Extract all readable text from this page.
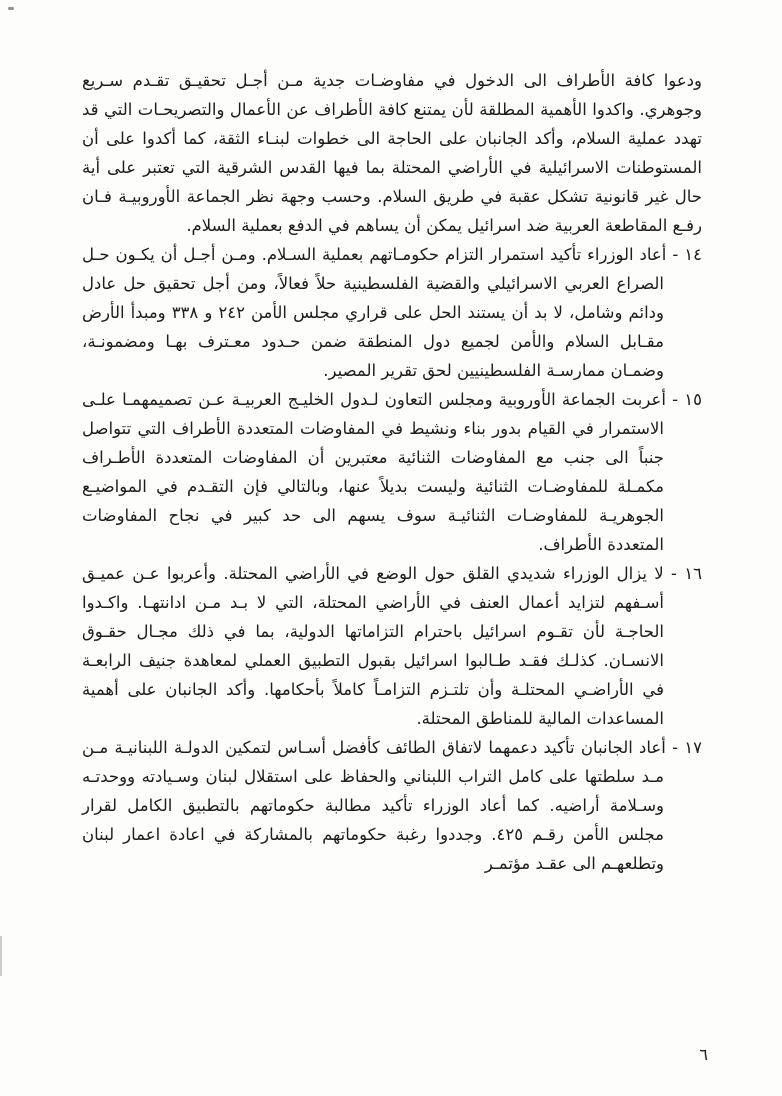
ودعوا كافة الأطراف الى الدخول في مفاوضـات جدية مـن أجـل تحقيـق تقـدم سـريع وجوهري. واكدوا الأهمية المطلقة لأن يمتنع كافة الأطراف عن الأعمال والتصريحـات التي قد تهدد عملية السلام، وأكد الجانبان على الحاجة الى خطوات لبنـاء الثقة، كما أكدوا على أن المستوطنات الاسرائيلية في الأراضي المحتلة بما فيها القدس الشرقية التي تعتبر على أية حال غير قانونية تشكل عقبة في طريق السلام. وحسب وجهة نظر الجماعة الأوروبيـة فـان رفـع المقاطعة العربية ضد اسرائيل يمكن أن يساهم في الدفع بعملية السلام.

١٤ -أعاد الوزراء تأكيد استمرار التزام حكومـاتهم بعملية السـلام. ومـن أجـل أن يكـون حـل الصراع العربي الاسرائيلي والقضية الفلسطينية حلاً فعالاً، ومن أجل تحقيق حل عادل ودائم وشامل، لا بد أن يستند الحل على قراري مجلس الأمن ٢٤٢ و ٣٣٨ ومبدأ الأرض مقـابل السلام والأمن لجميع دول المنطقة ضمن حـدود معـترف بهـا ومضمونـة، وضمـان ممارسـة الفلسطينيين لحق تقرير المصير.

١٥ -أعربت الجماعة الأوروبية ومجلس التعاون لـدول الخليـج العربيـة عـن تصميمهمـا علـى الاستمرار في القيام بدور بناء ونشيط في المفاوضات المتعددة الأطراف التي تتواصل جنباً الى جنب مع المفاوضات الثنائية معتبرين أن المفاوضات المتعددة الأطـراف مكمـلة للمفاوضـات الثنائية وليست بديلاً عنها، وبالتالي فإن التقـدم في المواضيـع الجوهريـة للمفاوضـات الثنائيـة سوف يسهم الى حد كبير في نجاح المفاوضات المتعددة الأطراف.

١٦ -لا يزال الوزراء شديدي القلق حول الوضع في الأراضي المحتلة. وأعربوا عـن عميـق أسـفهم لتزايد أعمال العنف في الأراضي المحتلة، التي لا بـد مـن ادانتهـا. واكـدوا الحاجـة لأن تقـوم اسرائيل باحترام التزاماتها الدولية، بما في ذلك مجـال حقـوق الانسـان. كذلـك فقـد طـالبوا اسرائيل بقبول التطبيق العملي لمعاهدة جنيف الرابعـة في الأراضـي المحتلـة وأن تلتـزم التزامـاً كاملاً بأحكامها. وأكد الجانبان على أهمية المساعدات المالية للمناطق المحتلة.

١٧ -أعاد الجانبان تأكيد دعمهما لاتفاق الطائف كأفضل أسـاس لتمكين الدولـة اللبنانيـة مـن مـد سلطتها على كامل التراب اللبناني والحفاظ على استقلال لبنان وسـيادته ووحدتـه وسـلامة أراضيه. كما أعاد الوزراء تأكيد مطالبة حكوماتهم بالتطبيق الكامل لقرار مجلس الأمن رقـم ٤٢٥. وجددوا رغبة حكوماتهم بالمشاركة في اعادة اعمار لبنان وتطلعهـم الى عقـد مؤتمـر

٦
